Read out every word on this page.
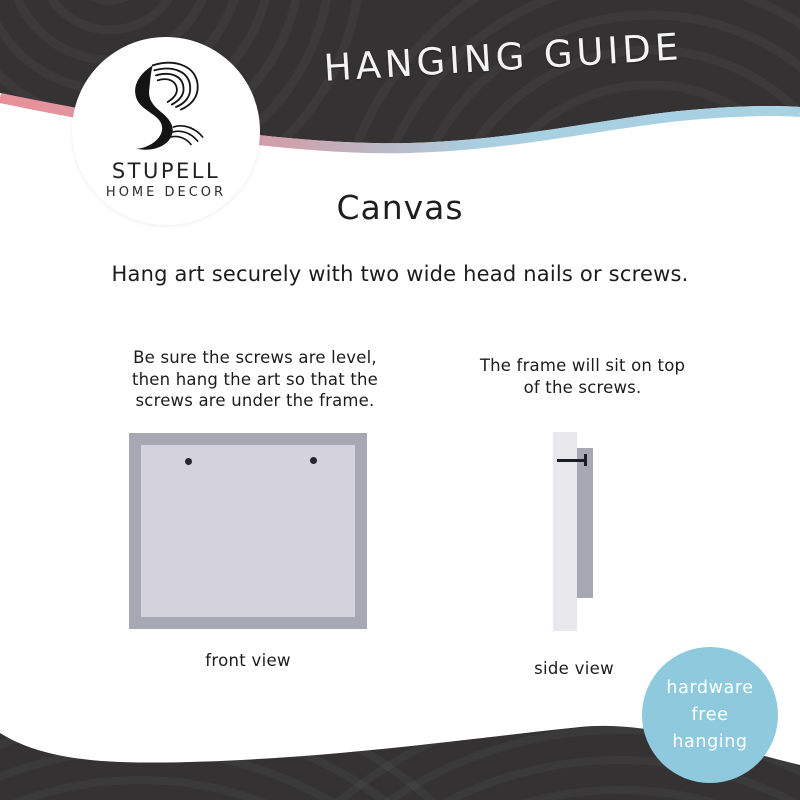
HANGING GUIDE
STUPELL
HOME DECOR	Canvas
Hang art securely with two wide head nails or screws.
Be sure the screws are level,
then hang the art so that the
screws are under the frame.
front view
The frame will sit on top
of the screws.
side view
hardware
free
hanging
